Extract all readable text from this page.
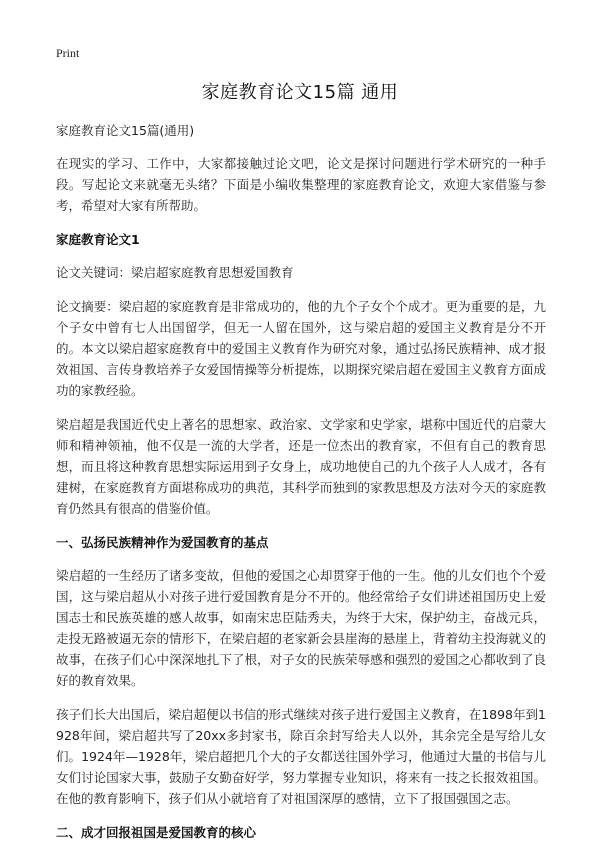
Print
家庭教育论文15篇 通用

家庭教育论文15篇(通用)

在现实的学习、工作中，大家都接触过论文吧，论文是探讨问题进行学术研究的一种手段。写起论文来就毫无头绪？下面是小编收集整理的家庭教育论文，欢迎大家借鉴与参考，希望对大家有所帮助。

家庭教育论文1

论文关键词：梁启超家庭教育思想爱国教育

论文摘要：梁启超的家庭教育是非常成功的，他的九个子女个个成才。更为重要的是，九个子女中曾有七人出国留学，但无一人留在国外，这与梁启超的爱国主义教育是分不开的。本文以梁启超家庭教育中的爱国主义教育作为研究对象，通过弘扬民族精神、成才报效祖国、言传身教培养子女爱国情操等分析提炼，以期探究梁启超在爱国主义教育方面成功的家教经验。

梁启超是我国近代史上著名的思想家、政治家、文学家和史学家，堪称中国近代的启蒙大师和精神领袖，他不仅是一流的大学者，还是一位杰出的教育家，不但有自己的教育思想，而且将这种教育思想实际运用到子女身上，成功地使自己的九个孩子人人成才，各有建树，在家庭教育方面堪称成功的典范，其科学而独到的家教思想及方法对今天的家庭教育仍然具有很高的借鉴价值。

一、弘扬民族精神作为爱国教育的基点

梁启超的一生经历了诸多变故，但他的爱国之心却贯穿于他的一生。他的儿女们也个个爱国，这与梁启超从小对孩子进行爱国教育是分不开的。他经常给子女们讲述祖国历史上爱国志士和民族英雄的感人故事，如南宋忠臣陆秀夫，为终于大宋，保护幼主，奋战元兵，走投无路被逼无奈的情形下，在梁启超的老家新会县崖海的悬崖上，背着幼主投海就义的故事，在孩子们心中深深地扎下了根，对子女的民族荣辱感和强烈的爱国之心都收到了良好的教育效果。

孩子们长大出国后，梁启超便以书信的形式继续对孩子进行爱国主义教育，在1898年到1928年间，梁启超共写了20xx多封家书，除百余封写给夫人以外，其余完全是写给儿女们。1924年—1928年，梁启超把几个大的子女都送往国外学习，他通过大量的书信与儿女们讨论国家大事，鼓励子女勤奋好学，努力掌握专业知识，将来有一技之长报效祖国。在他的教育影响下，孩子们从小就培育了对祖国深厚的感情，立下了报国强国之志。

二、成才回报祖国是爱国教育的核心
